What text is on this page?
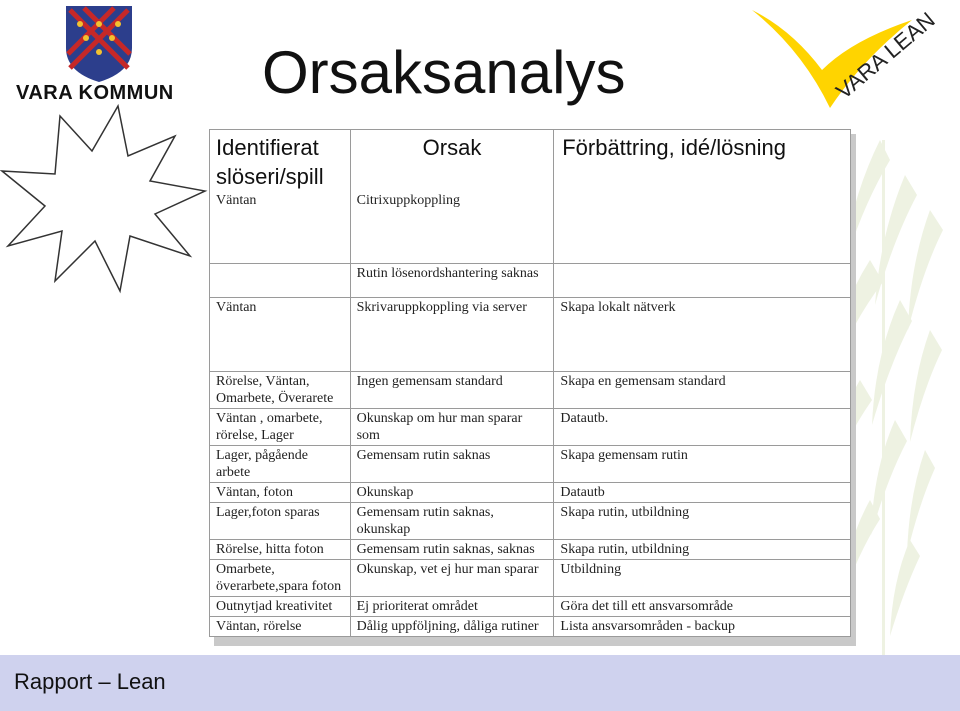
VARA KOMMUN Orsaksanalys	VARA LEAN
Identifierat slöseri/spill	Orsak	Förbättring, idé/lösning
Väntan	Citrixuppkoppling	
	Rutin lösenordshantering saknas	
Väntan	Skrivaruppkoppling via server	Skapa lokalt nätverk
Rörelse, Väntan, Omarbete, Överarete	Ingen gemensam standard	Skapa en gemensam standard
Väntan , omarbete, rörelse, Lager	Okunskap om hur man sparar som	Datautb.
Lager, pågående arbete	Gemensam rutin saknas	Skapa gemensam rutin
Väntan, foton	Okunskap	Datautb
Lager,foton sparas	Gemensam rutin saknas, okunskap	Skapa rutin, utbildning
Rörelse, hitta foton	Gemensam rutin saknas, saknas	Skapa rutin, utbildning
Omarbete, överarbete,spara foton	Okunskap, vet ej hur man sparar	Utbildning
Outnytjad kreativitet	Ej prioriterat området	Göra det till ett ansvarsområde
Väntan, rörelse	Dålig uppföljning, dåliga rutiner	Lista ansvarsområden - backup
Rapport – Lean
